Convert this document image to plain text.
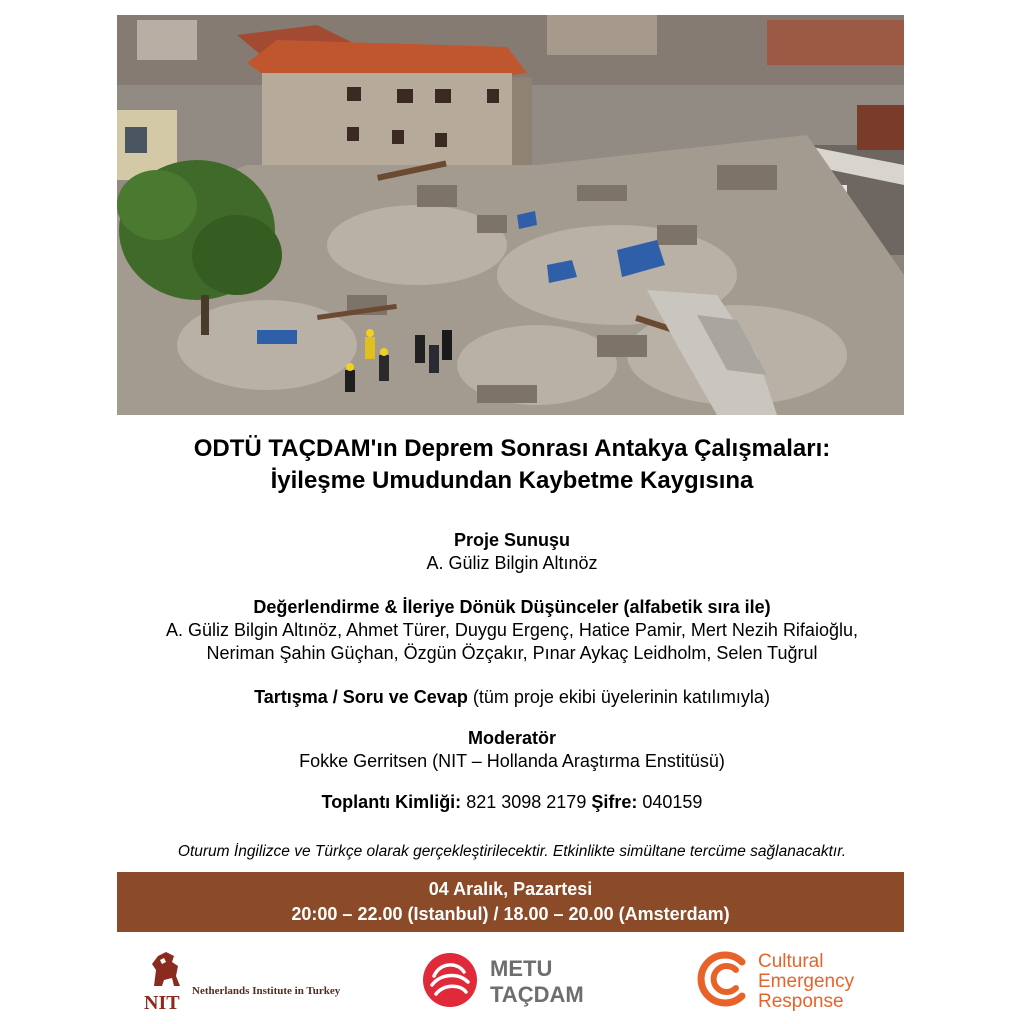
ODTÜ TAÇDAM'ın Deprem Sonrası Antakya Çalışmaları:
İyileşme Umudundan Kaybetme Kaygısına
Proje Sunuşu
A. Güliz Bilgin Altınöz
Değerlendirme & İleriye Dönük Düşünceler (alfabetik sıra ile)
A. Güliz Bilgin Altınöz, Ahmet Türer, Duygu Ergenç, Hatice Pamir, Mert Nezih Rifaioğlu,
Neriman Şahin Güçhan, Özgün Özçakır, Pınar Aykaç Leidholm, Selen Tuğrul
Tartışma / Soru ve Cevap (tüm proje ekibi üyelerinin katılımıyla)
Moderatör
Fokke Gerritsen (NIT – Hollanda Araştırma Enstitüsü)
Toplantı Kimliği: 821 3098 2179 Şifre: 040159
Oturum İngilizce ve Türkçe olarak gerçekleştirilecektir. Etkinlikte simültane tercüme sağlanacaktır.
04 Aralık, Pazartesi
20:00 – 22.00 (Istanbul) / 18.00 – 20.00 (Amsterdam)
NIT
Netherlands Institute in Turkey
METU
TAÇDAM
Cultural
Emergency
Response
